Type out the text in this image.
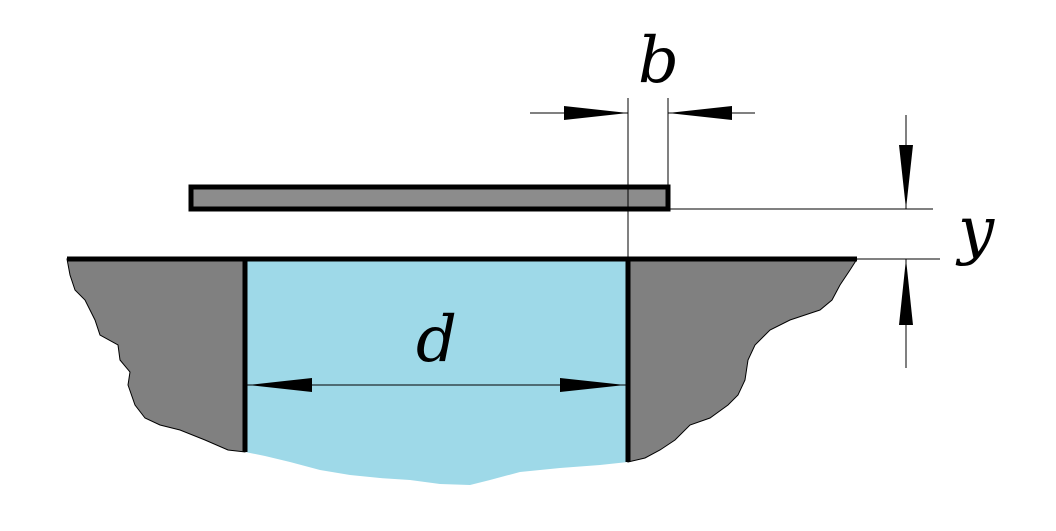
b
y
d
